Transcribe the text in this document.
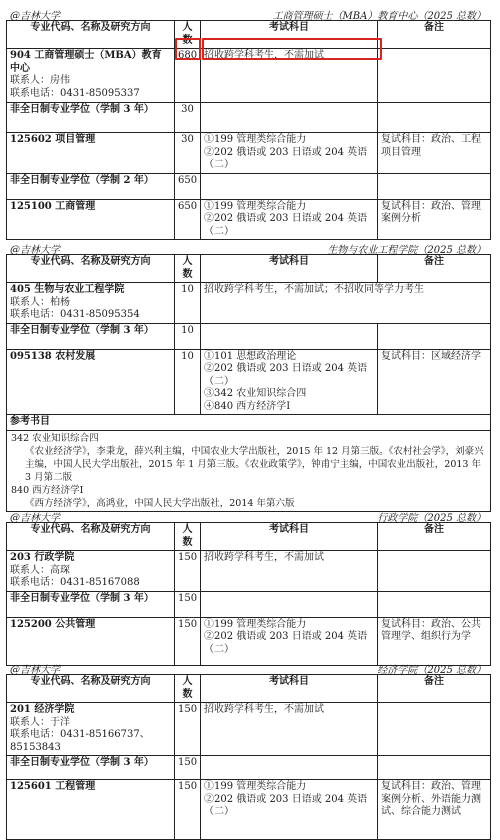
@吉林大学	工商管理硕士（MBA）教育中心（2025 总数）
专业代码、名称及研究方向	人数	考试科目	备注
904 工商管理硕士（MBA）教育中心
联系人：房伟
联系电话：0431-85095337	680	招收跨学科考生，不需加试	
非全日制专业学位（学制 3 年）	30		
125602 项目管理	30	①199 管理类综合能力
②202 俄语或 203 日语或 204 英语（二）	复试科目：政治、工程项目管理
非全日制专业学位（学制 2 年）	650		
125100 工商管理	650	①199 管理类综合能力
②202 俄语或 203 日语或 204 英语（二）	复试科目：政治、管理案例分析
@吉林大学	生物与农业工程学院（2025 总数）
专业代码、名称及研究方向	人数	考试科目	备注
405 生物与农业工程学院
联系人：柏杨
联系电话：0431-85095354	10	招收跨学科考生，不需加试；不招收同等学力考生	
非全日制专业学位（学制 3 年）	10		
095138 农村发展	10	①101 思想政治理论
②202 俄语或 203 日语或 204 英语（二）
③342 农业知识综合四
④840 西方经济学Ⅰ	复试科目：区域经济学
参考书目			

342 农业知识综合四
《农业经济学》，李秉龙，薛兴利主编，中国农业大学出版社，2015 年 12 月第三版。《农村社会学》，刘豪兴主编，中国人民大学出版社，2015 年 1 月第三版。《农业政策学》，钟甫宁主编，中国农业出版社，2013 年 3 月第二版
840 西方经济学Ⅰ
《西方经济学》，高鸿业，中国人民大学出版社，2014 年第六版			
@吉林大学	行政学院（2025 总数）
专业代码、名称及研究方向	人数	考试科目	备注
203 行政学院
联系人：高琛
联系电话：0431-85167088	150	招收跨学科考生，不需加试	
非全日制专业学位（学制 3 年）	150		
125200 公共管理	150	①199 管理类综合能力
②202 俄语或 203 日语或 204 英语（二）	复试科目：政治、公共管理学、组织行为学
@吉林大学	经济学院（2025 总数）
专业代码、名称及研究方向	人数	考试科目	备注
201 经济学院
联系人：于洋
联系电话：0431-85166737、85153843	150	招收跨学科考生，不需加试	
非全日制专业学位（学制 3 年）	150		
125601 工程管理	150	①199 管理类综合能力
②202 俄语或 203 日语或 204 英语（二）	复试科目：政治、管理案例分析、外语能力测试、综合能力测试
